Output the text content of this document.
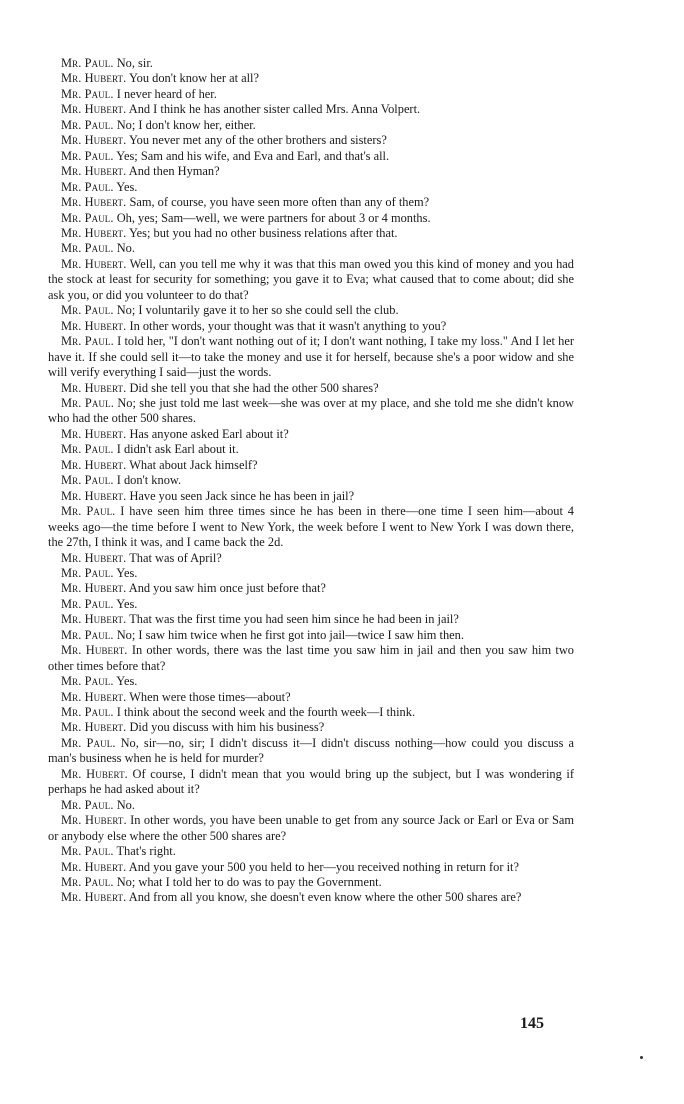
Mr. Paul. No, sir.

Mr. Hubert. You don't know her at all?

Mr. Paul. I never heard of her.

Mr. Hubert. And I think he has another sister called Mrs. Anna Volpert.

Mr. Paul. No; I don't know her, either.

Mr. Hubert. You never met any of the other brothers and sisters?

Mr. Paul. Yes; Sam and his wife, and Eva and Earl, and that's all.

Mr. Hubert. And then Hyman?

Mr. Paul. Yes.

Mr. Hubert. Sam, of course, you have seen more often than any of them?

Mr. Paul. Oh, yes; Sam—well, we were partners for about 3 or 4 months.

Mr. Hubert. Yes; but you had no other business relations after that.

Mr. Paul. No.

Mr. Hubert. Well, can you tell me why it was that this man owed you this kind of money and you had the stock at least for security for something; you gave it to Eva; what caused that to come about; did she ask you, or did you volunteer to do that?

Mr. Paul. No; I voluntarily gave it to her so she could sell the club.

Mr. Hubert. In other words, your thought was that it wasn't anything to you?

Mr. Paul. I told her, "I don't want nothing out of it; I don't want nothing, I take my loss." And I let her have it. If she could sell it—to take the money and use it for herself, because she's a poor widow and she will verify everything I said—just the words.

Mr. Hubert. Did she tell you that she had the other 500 shares?

Mr. Paul. No; she just told me last week—she was over at my place, and she told me she didn't know who had the other 500 shares.

Mr. Hubert. Has anyone asked Earl about it?

Mr. Paul. I didn't ask Earl about it.

Mr. Hubert. What about Jack himself?

Mr. Paul. I don't know.

Mr. Hubert. Have you seen Jack since he has been in jail?

Mr. Paul. I have seen him three times since he has been in there—one time I seen him—about 4 weeks ago—the time before I went to New York, the week before I went to New York I was down there, the 27th, I think it was, and I came back the 2d.

Mr. Hubert. That was of April?

Mr. Paul. Yes.

Mr. Hubert. And you saw him once just before that?

Mr. Paul. Yes.

Mr. Hubert. That was the first time you had seen him since he had been in jail?

Mr. Paul. No; I saw him twice when he first got into jail—twice I saw him then.

Mr. Hubert. In other words, there was the last time you saw him in jail and then you saw him two other times before that?

Mr. Paul. Yes.

Mr. Hubert. When were those times—about?

Mr. Paul. I think about the second week and the fourth week—I think.

Mr. Hubert. Did you discuss with him his business?

Mr. Paul. No, sir—no, sir; I didn't discuss it—I didn't discuss nothing—how could you discuss a man's business when he is held for murder?

Mr. Hubert. Of course, I didn't mean that you would bring up the subject, but I was wondering if perhaps he had asked about it?

Mr. Paul. No.

Mr. Hubert. In other words, you have been unable to get from any source Jack or Earl or Eva or Sam or anybody else where the other 500 shares are?

Mr. Paul. That's right.

Mr. Hubert. And you gave your 500 you held to her—you received nothing in return for it?

Mr. Paul. No; what I told her to do was to pay the Government.

Mr. Hubert. And from all you know, she doesn't even know where the other 500 shares are?

145
